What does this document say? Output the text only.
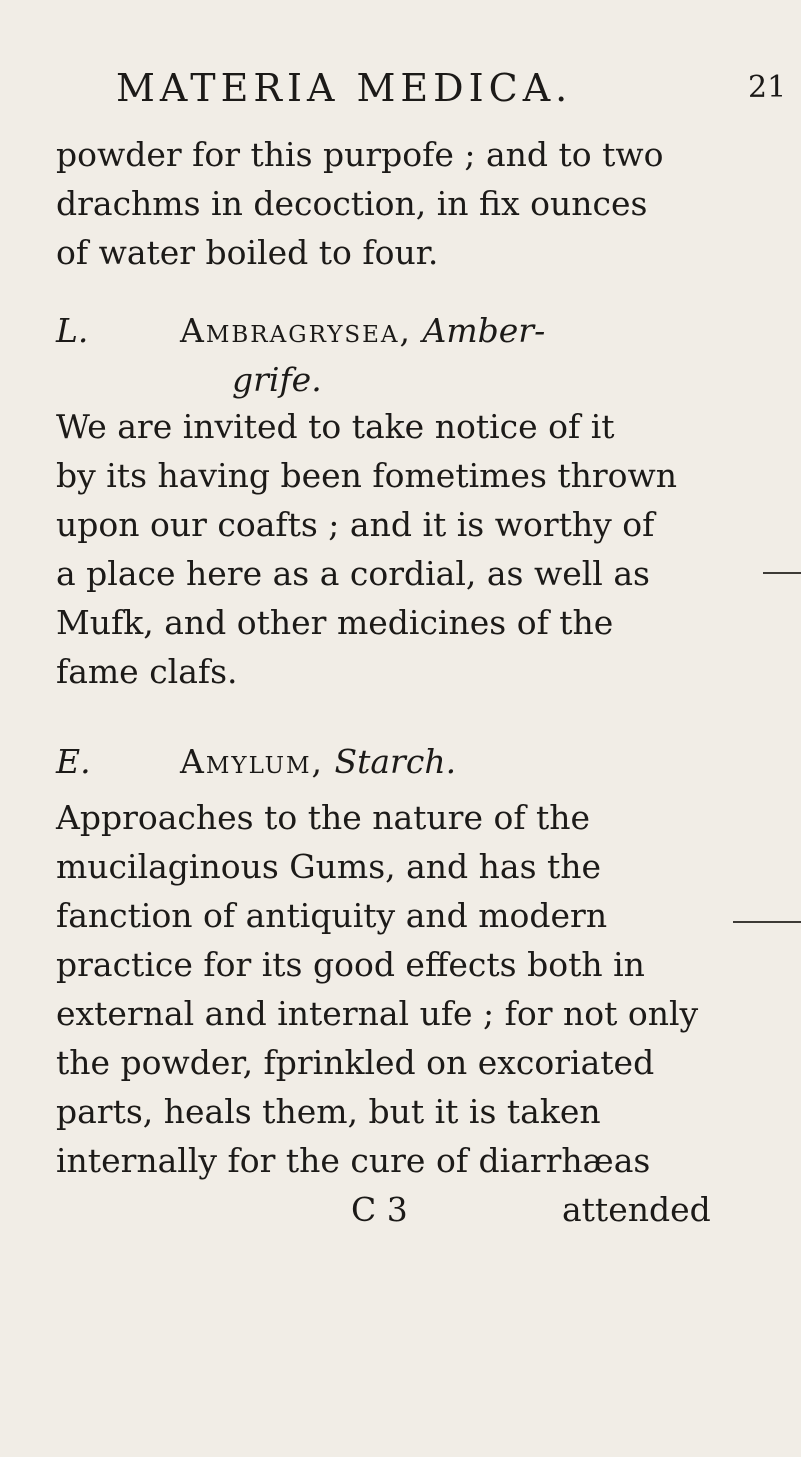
MATERIA MEDICA.	21
powder for this purpofe ; and to two
drachms in decoction, in fix ounces
of water boiled to four.
L.	Ambragrysea, Amber-
grife.
We are invited to take notice of it
by its having been fometimes thrown
upon our coafts ; and it is worthy of
a place here as a cordial, as well as
Mufk, and other medicines of the
fame clafs.
E.	Amylum, Starch.
Approaches to the nature of the
mucilaginous Gums, and has the
fanction of antiquity and modern
practice for its good effects both in
external and internal ufe ; for not only
the powder, fprinkled on excoriated
parts, heals them, but it is taken
internally for the cure of diarrhæas
C 3	attended
